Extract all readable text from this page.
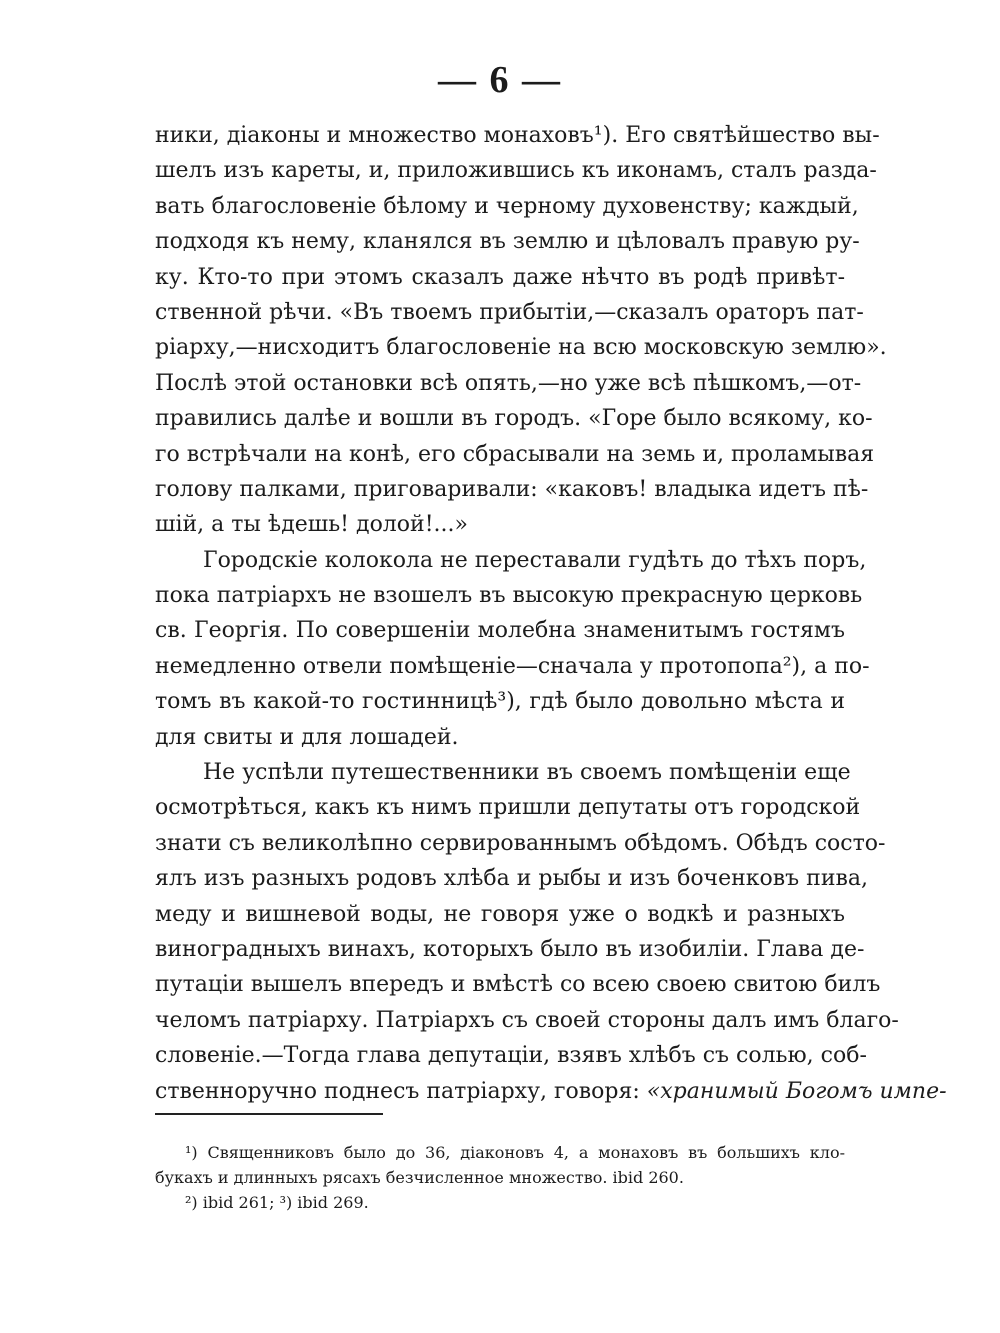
— 6 —
ники, діаконы и множество монаховъ¹). Его святѣйшество вы-
шелъ изъ кареты, и, приложившись къ иконамъ, сталъ разда-
вать благословеніе бѣлому и черному духовенству; каждый,
подходя къ нему, кланялся въ землю и цѣловалъ правую ру-
ку. Кто-то при этомъ сказалъ даже нѣчто въ родѣ привѣт-
ственной рѣчи. «Въ твоемъ прибытіи,—сказалъ ораторъ пат-
ріарху,—нисходитъ благословеніе на всю московскую землю».
Послѣ этой остановки всѣ опять,—но уже всѣ пѣшкомъ,—от-
правились далѣе и вошли въ городъ. «Горе было всякому, ко-
го встрѣчали на конѣ, его сбрасывали на земь и, проламывая
голову палками, приговаривали: «каковъ! владыка идетъ пѣ-
шій, а ты ѣдешь! долой!...»
Городскіе колокола не переставали гудѣть до тѣхъ поръ,
пока патріархъ не взошелъ въ высокую прекрасную церковь
св. Георгія. По совершеніи молебна знаменитымъ гостямъ
немедленно отвели помѣщеніе—сначала у протопопа²), а по-
томъ въ какой-то гостинницѣ³), гдѣ было довольно мѣста и
для свиты и для лошадей.
Не успѣли путешественники въ своемъ помѣщеніи еще
осмотрѣться, какъ къ нимъ пришли депутаты отъ городской
знати съ великолѣпно сервированнымъ обѣдомъ. Обѣдъ состо-
ялъ изъ разныхъ родовъ хлѣба и рыбы и изъ боченковъ пива,
меду и вишневой воды, не говоря уже о водкѣ и разныхъ
виноградныхъ винахъ, которыхъ было въ изобиліи. Глава де-
путаціи вышелъ впередъ и вмѣстѣ со всею своею свитою билъ
челомъ патріарху. Патріархъ съ своей стороны далъ имъ благо-
словеніе.—Тогда глава депутаціи, взявъ хлѣбъ съ солью, соб-
ственноручно поднесъ патріарху, говоря: «хранимый Богомъ импе-
¹) Священниковъ было до 36, діаконовъ 4, а монаховъ въ большихъ кло-
букахъ и длинныхъ рясахъ безчисленное множество. ibid 260.
²) ibid 261; ³) ibid 269.
